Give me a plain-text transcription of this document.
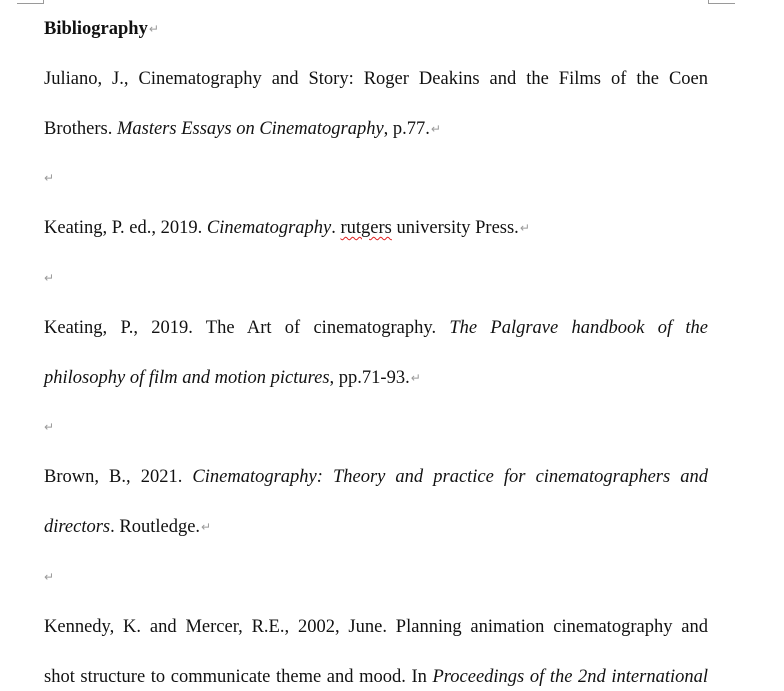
Bibliography↵
Juliano, J., Cinematography and Story: Roger Deakins and the Films of the Coen
Brothers. Masters Essays on Cinematography, p.77.↵
↵
Keating, P. ed., 2019. Cinematography. rutgers university Press.↵
↵
Keating, P., 2019. The Art of cinematography. The Palgrave handbook of the
philosophy of film and motion pictures, pp.71-93.↵
↵
Brown, B., 2021. Cinematography: Theory and practice for cinematographers and
directors. Routledge.↵
↵
Kennedy, K. and Mercer, R.E., 2002, June. Planning animation cinematography and
shot structure to communicate theme and mood. In Proceedings of the 2nd international
